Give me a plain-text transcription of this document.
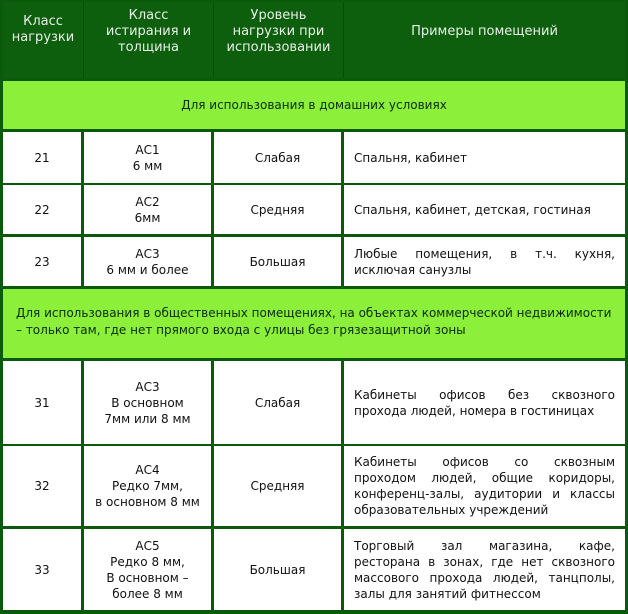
Класс
нагрузки
Класс
истирания и
толщина
Уровень
нагрузки при
использовании
Примеры помещений
Для использования в домашних условиях
21
АС1
6 мм
Слабая	Спальня, кабинет
22
АС2
6мм
Средняя	Спальня, кабинет, детская, гостиная
23
АС3
6 мм и более
Большая
Любые помещения, в т.ч. кухня, исключая санузлы
Для использования в общественных помещениях, на объектах коммерческой недвижимости – только там, где нет прямого входа с улицы без грязезащитной зоны
31
АС3
В основном
7мм или 8 мм
Слабая
Кабинеты офисов без сквозного прохода людей, номера в гостиницах
32
АС4
Редко 7мм,
в основном 8 мм
Средняя
Кабинеты офисов со сквозным проходом людей, общие коридоры, конференц-залы, аудитории и классы образовательных учреждений
33
АС5
Редко 8 мм,
В основном –
более 8 мм
Большая
Торговый зал магазина, кафе, ресторана в зонах, где нет сквозного массового прохода людей, танцполы, залы для занятий фитнессом
